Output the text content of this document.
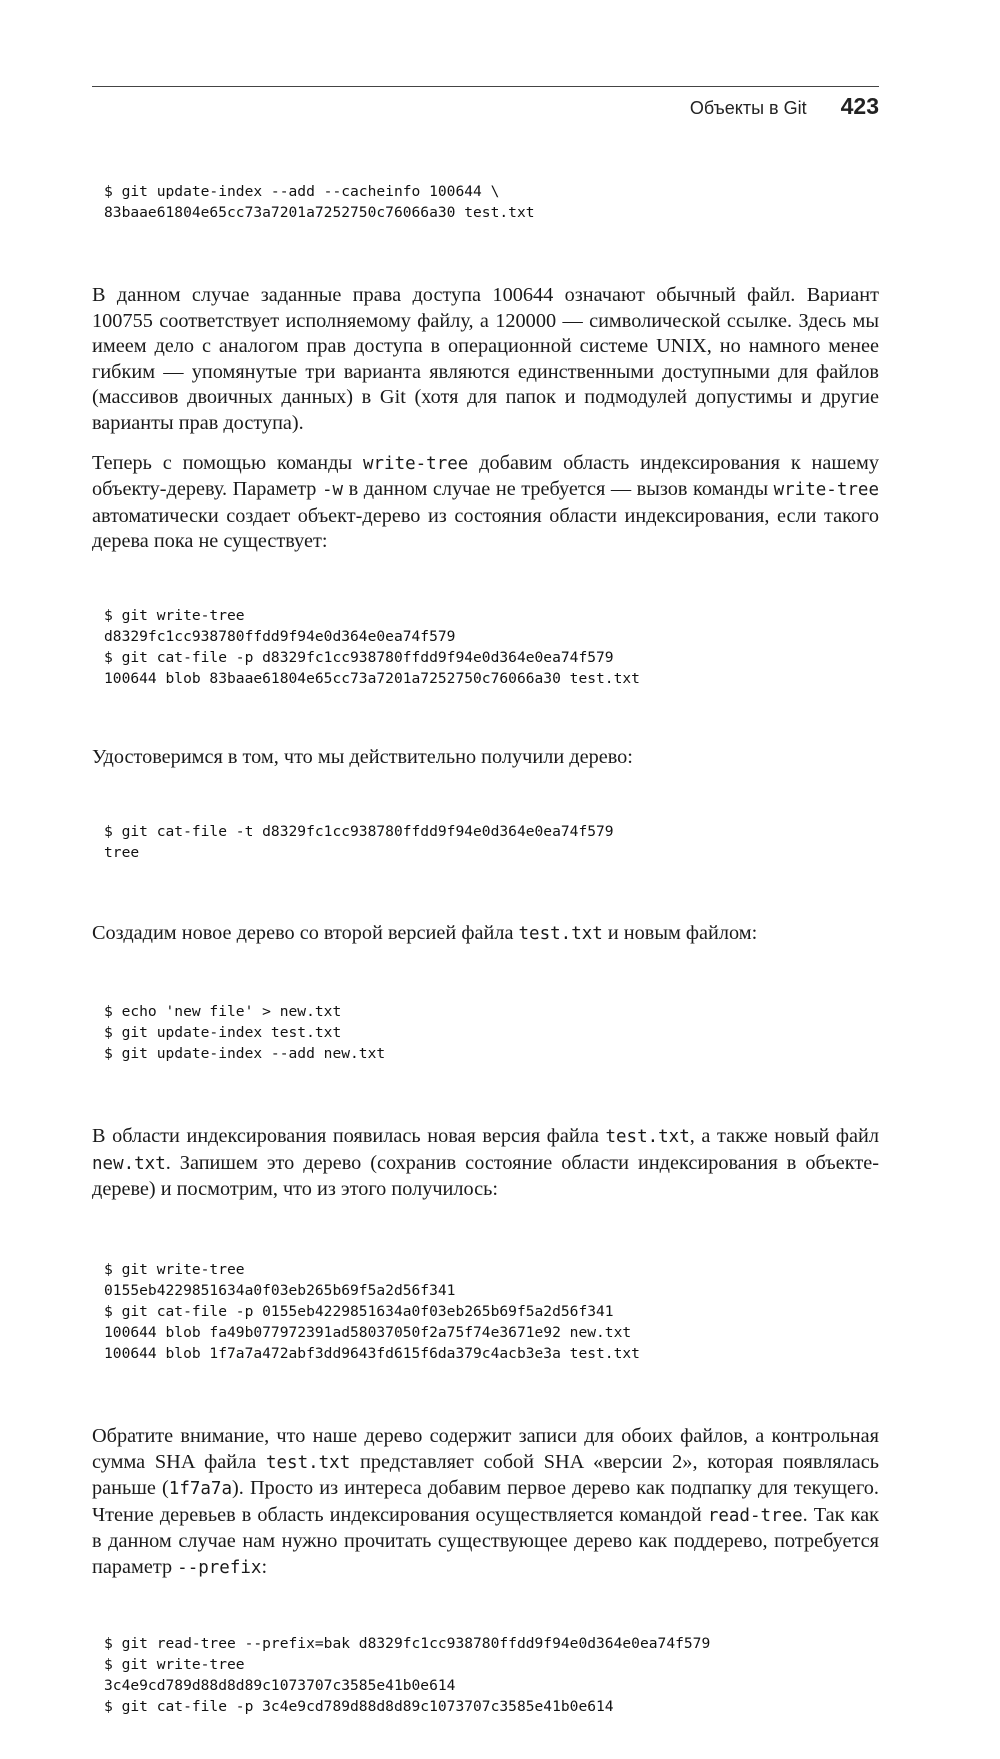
Объекты в Git 423

$ git update-index --add --cacheinfo 100644 \
83baae61804e65cc73a7201a7252750c76066a30 test.txt

В данном случае заданные права доступа 100644 означают обычный файл. Вариант 100755 соответствует исполняемому файлу, а 120000 — символической ссылке. Здесь мы имеем дело с аналогом прав доступа в операционной системе UNIX, но намного менее гибким — упомянутые три варианта являются единственными доступными для файлов (массивов двоичных данных) в Git (хотя для папок и подмодулей допустимы и другие варианты прав доступа).

Теперь с помощью команды write-tree добавим область индексирования к нашему объекту-дереву. Параметр -w в данном случае не требуется — вызов команды write-tree автоматически создает объект-дерево из состояния области индексирования, если такого дерева пока не существует:

$ git write-tree
d8329fc1cc938780ffdd9f94e0d364e0ea74f579
$ git cat-file -p d8329fc1cc938780ffdd9f94e0d364e0ea74f579
100644 blob 83baae61804e65cc73a7201a7252750c76066a30 test.txt

Удостоверимся в том, что мы действительно получили дерево:

$ git cat-file -t d8329fc1cc938780ffdd9f94e0d364e0ea74f579
tree

Создадим новое дерево со второй версией файла test.txt и новым файлом:

$ echo 'new file' > new.txt
$ git update-index test.txt
$ git update-index --add new.txt

В области индексирования появилась новая версия файла test.txt, а также новый файл new.txt. Запишем это дерево (сохранив состояние области индексирования в объекте-дереве) и посмотрим, что из этого получилось:

$ git write-tree
0155eb4229851634a0f03eb265b69f5a2d56f341
$ git cat-file -p 0155eb4229851634a0f03eb265b69f5a2d56f341
100644 blob fa49b077972391ad58037050f2a75f74e3671e92 new.txt
100644 blob 1f7a7a472abf3dd9643fd615f6da379c4acb3e3a test.txt

Обратите внимание, что наше дерево содержит записи для обоих файлов, а контрольная сумма SHA файла test.txt представляет собой SHA «версии 2», которая появлялась раньше (1f7a7a). Просто из интереса добавим первое дерево как подпапку для текущего. Чтение деревьев в область индексирования осуществляется командой read-tree. Так как в данном случае нам нужно прочитать существующее дерево как поддерево, потребуется параметр --prefix:

$ git read-tree --prefix=bak d8329fc1cc938780ffdd9f94e0d364e0ea74f579
$ git write-tree
3c4e9cd789d88d8d89c1073707c3585e41b0e614
$ git cat-file -p 3c4e9cd789d88d8d89c1073707c3585e41b0e614
